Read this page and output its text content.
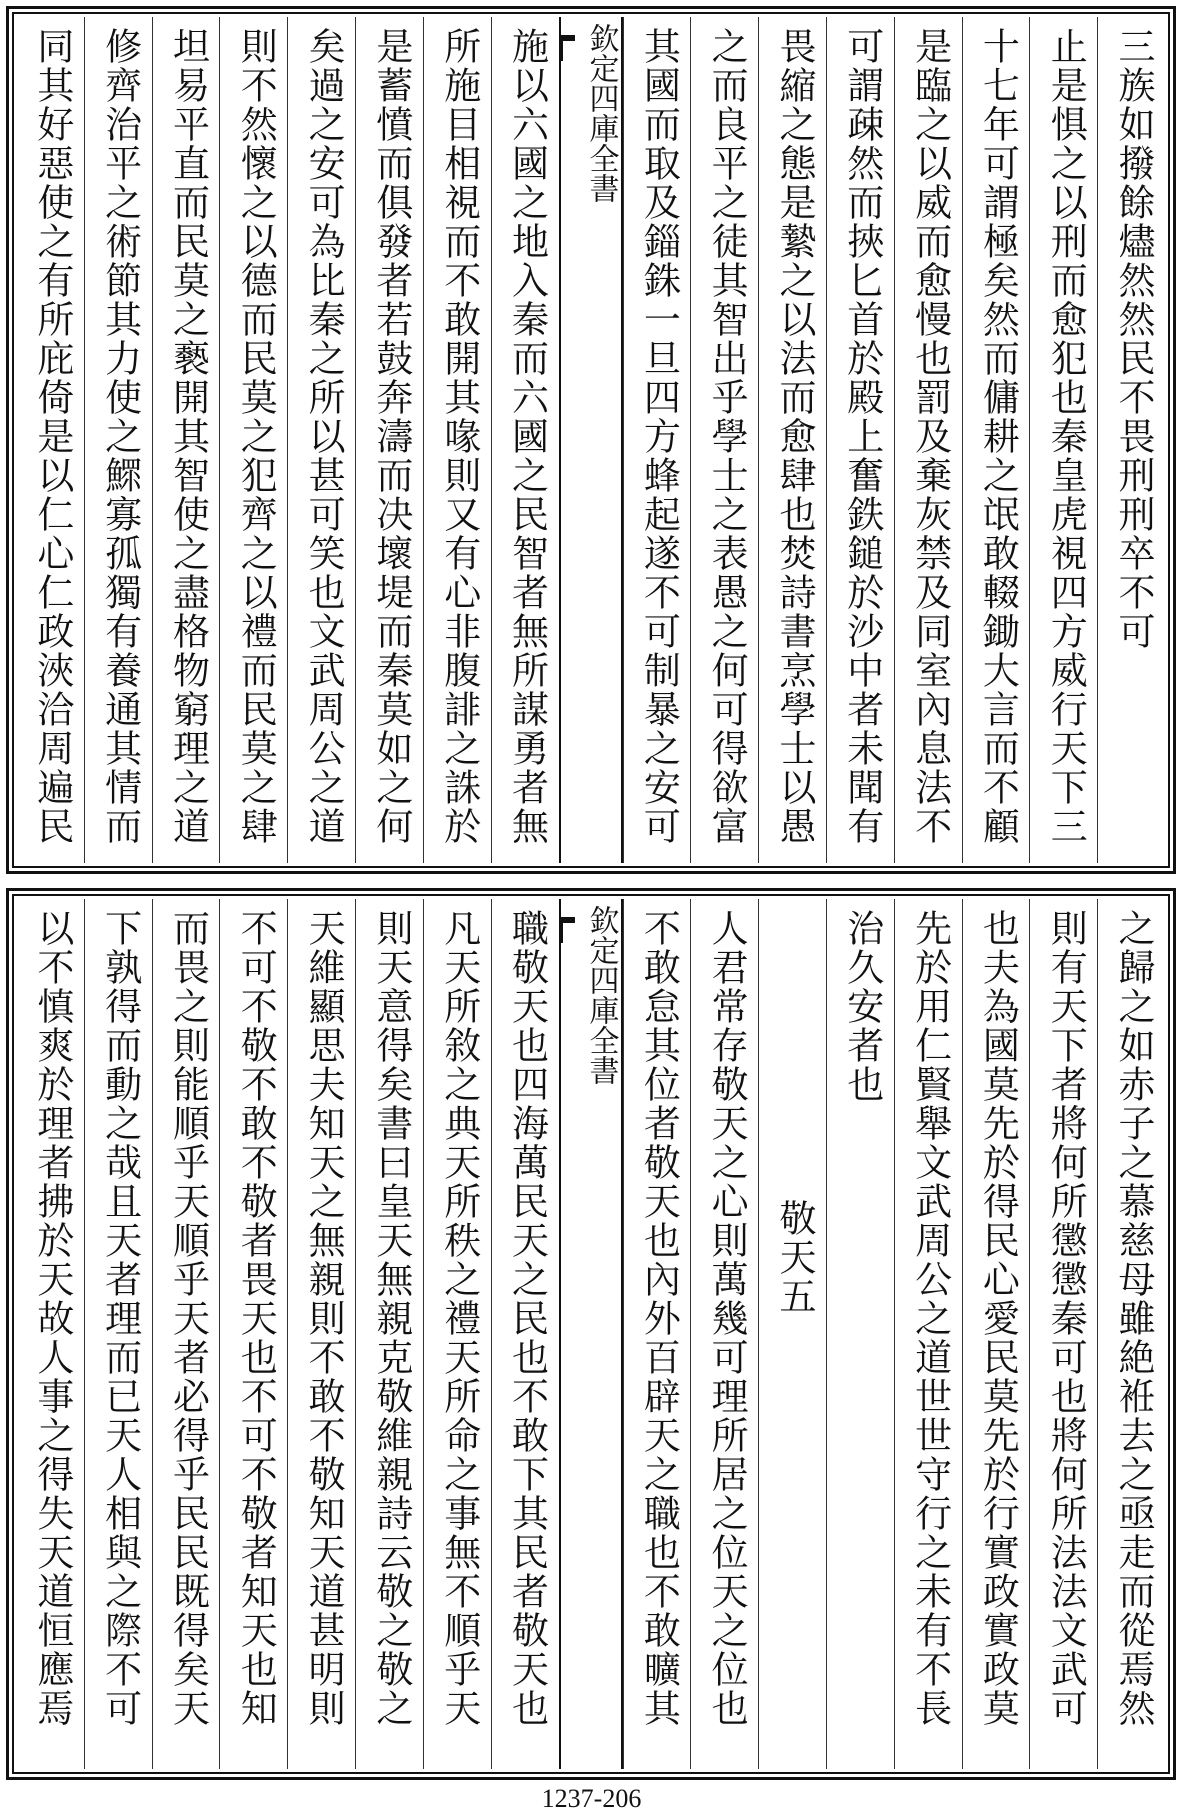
三族如撥餘燼然然民不畏刑刑卒不可
止是惧之以刑而愈犯也秦皇虎視四方威行天下三
十七年可謂極矣然而傭耕之氓敢輟鋤大言而不顧
是臨之以威而愈慢也罰及棄灰禁及同室內息法不
可謂疎然而挾匕首於殿上奮鉄鎚於沙中者未聞有
畏縮之態是縶之以法而愈肆也焚詩書烹學士以愚
之而良平之徒其智出乎學士之表愚之何可得欲富
其國而取及錙銖一旦四方蜂起遂不可制暴之安可
欽定四庫全書
施以六國之地入秦而六國之民智者無所謀勇者無
所施目相視而不敢開其喙則又有心非腹誹之誅於
是蓄憤而俱發者若鼓奔濤而决壞堤而秦莫如之何
矣過之安可為比秦之所以甚可笑也文武周公之道
則不然懷之以德而民莫之犯齊之以禮而民莫之肆
坦易平直而民莫之褻開其智使之盡格物窮理之道
修齊治平之術節其力使之鰥寡孤獨有養通其情而
同其好惡使之有所庇倚是以仁心仁政浹洽周遍民
之歸之如赤子之慕慈母雖絶袵去之亟走而從焉然
則有天下者將何所懲懲秦可也將何所法法文武可
也夫為國莫先於得民心愛民莫先於行實政實政莫
先於用仁賢舉文武周公之道世世守行之未有不長
治久安者也
敬天五
人君常存敬天之心則萬幾可理所居之位天之位也
不敢怠其位者敬天也內外百辟天之職也不敢曠其
欽定四庫全書
職敬天也四海萬民天之民也不敢下其民者敬天也
凡天所敘之典天所秩之禮天所命之事無不順乎天
則天意得矣書曰皇天無親克敬維親詩云敬之敬之
天維顯思夫知天之無親則不敢不敬知天道甚明則
不可不敬不敢不敬者畏天也不可不敬者知天也知
而畏之則能順乎天順乎天者必得乎民民既得矣天
下孰得而動之哉且天者理而已天人相與之際不可
以不慎爽於理者拂於天故人事之得失天道恒應焉
1237-206
